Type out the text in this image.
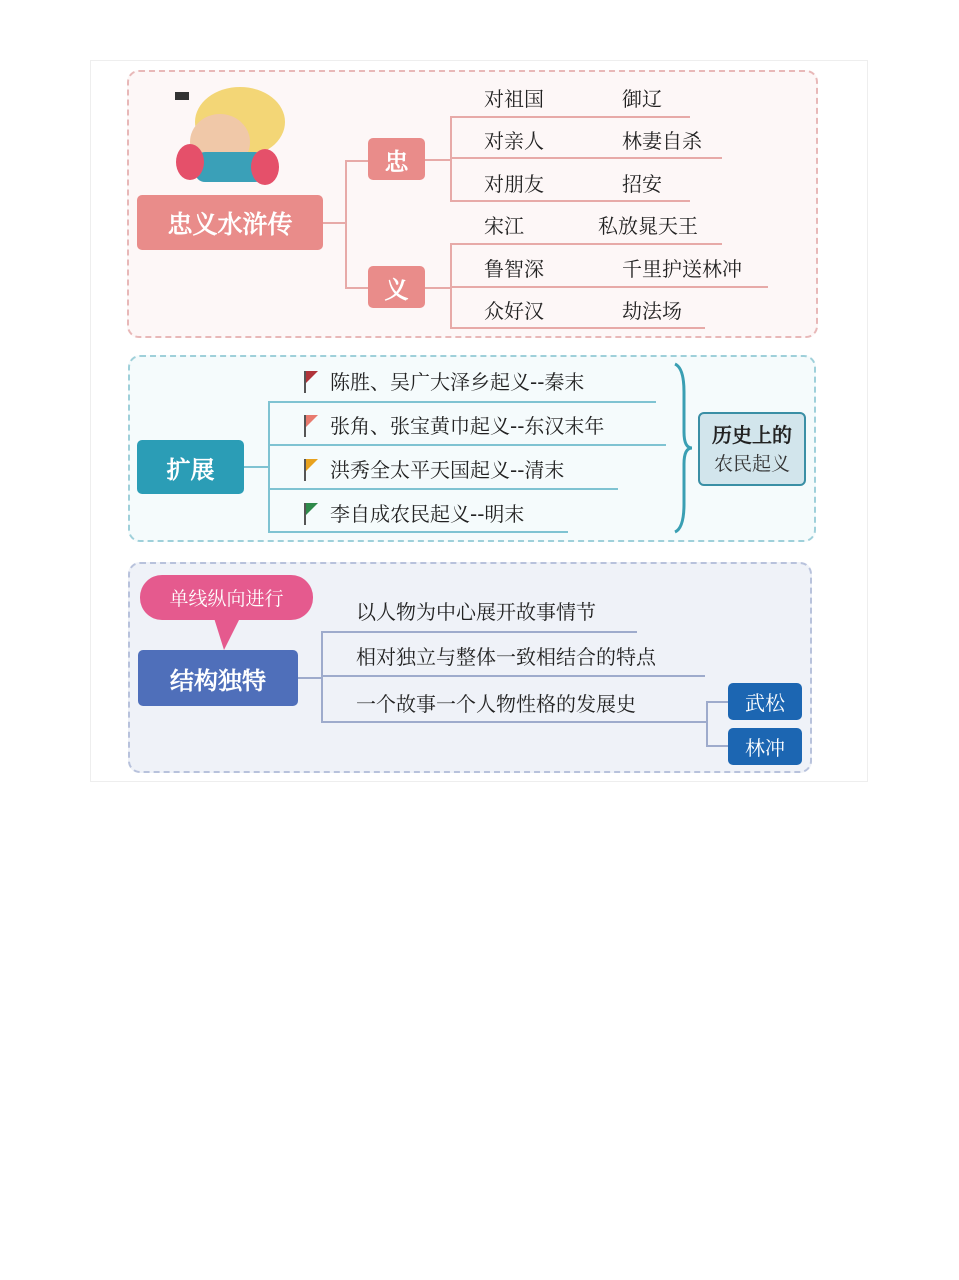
忠义水浒传
忠
义
对祖国	御辽
对亲人	林妻自杀
对朋友	招安
宋江	私放晁天王
鲁智深	千里护送林冲
众好汉	劫法场
扩展
陈胜、吴广大泽乡起义--秦末
张角、张宝黄巾起义--东汉末年
洪秀全太平天国起义--清末
李自成农民起义--明末
历史上的
农民起义
单线纵向进行
结构独特
以人物为中心展开故事情节
相对独立与整体一致相结合的特点
一个故事一个人物性格的发展史	武松
林冲
